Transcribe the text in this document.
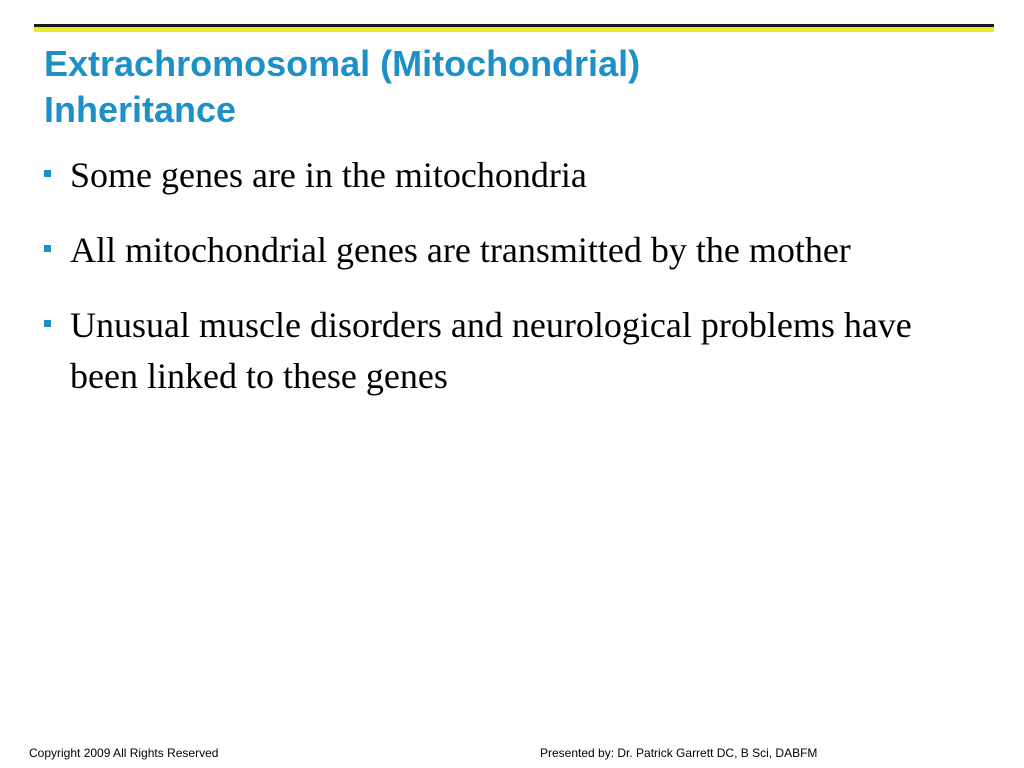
Extrachromosomal (Mitochondrial)
Inheritance
Some genes are in the mitochondria
All mitochondrial genes are transmitted by the mother
Unusual muscle disorders and neurological problems have been linked to these genes
Copyright 2009 All Rights Reserved	Presented by: Dr. Patrick Garrett DC, B Sci, DABFM
